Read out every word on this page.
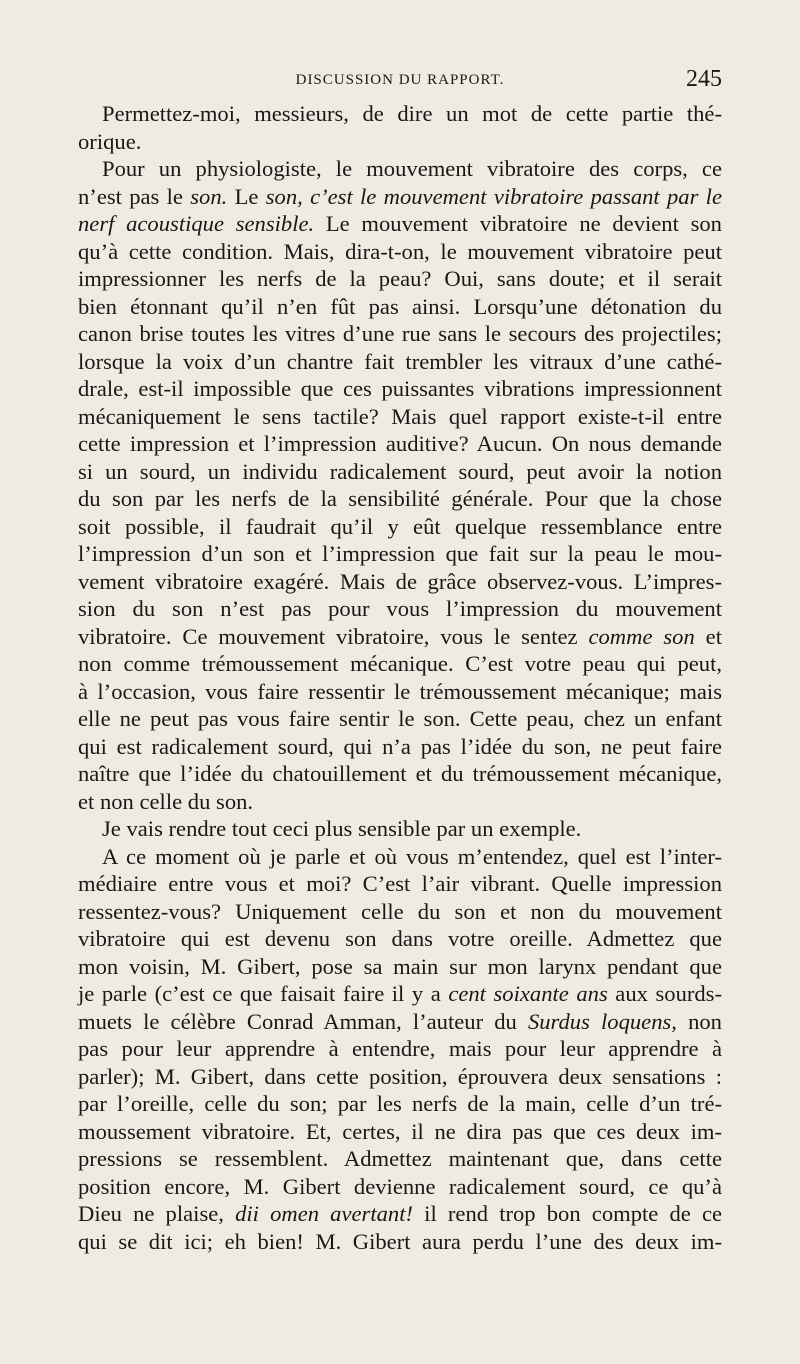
DISCUSSION DU RAPPORT.	245
Permettez-moi, messieurs, de dire un mot de cette partie thé-
orique.
Pour un physiologiste, le mouvement vibratoire des corps, ce
n’est pas le son. Le son, c’est le mouvement vibratoire passant par le
nerf acoustique sensible. Le mouvement vibratoire ne devient son
qu’à cette condition. Mais, dira-t-on, le mouvement vibratoire peut
impressionner les nerfs de la peau? Oui, sans doute; et il serait
bien étonnant qu’il n’en fût pas ainsi. Lorsqu’une détonation du
canon brise toutes les vitres d’une rue sans le secours des projectiles;
lorsque la voix d’un chantre fait trembler les vitraux d’une cathé-
drale, est-il impossible que ces puissantes vibrations impressionnent
mécaniquement le sens tactile? Mais quel rapport existe-t-il entre
cette impression et l’impression auditive? Aucun. On nous demande
si un sourd, un individu radicalement sourd, peut avoir la notion
du son par les nerfs de la sensibilité générale. Pour que la chose
soit possible, il faudrait qu’il y eût quelque ressemblance entre
l’impression d’un son et l’impression que fait sur la peau le mou-
vement vibratoire exagéré. Mais de grâce observez-vous. L’impres-
sion du son n’est pas pour vous l’impression du mouvement
vibratoire. Ce mouvement vibratoire, vous le sentez comme son et
non comme trémoussement mécanique. C’est votre peau qui peut,
à l’occasion, vous faire ressentir le trémoussement mécanique; mais
elle ne peut pas vous faire sentir le son. Cette peau, chez un enfant
qui est radicalement sourd, qui n’a pas l’idée du son, ne peut faire
naître que l’idée du chatouillement et du trémoussement mécanique,
et non celle du son.
Je vais rendre tout ceci plus sensible par un exemple.
A ce moment où je parle et où vous m’entendez, quel est l’inter-
médiaire entre vous et moi? C’est l’air vibrant. Quelle impression
ressentez-vous? Uniquement celle du son et non du mouvement
vibratoire qui est devenu son dans votre oreille. Admettez que
mon voisin, M. Gibert, pose sa main sur mon larynx pendant que
je parle (c’est ce que faisait faire il y a cent soixante ans aux sourds-
muets le célèbre Conrad Amman, l’auteur du Surdus loquens, non
pas pour leur apprendre à entendre, mais pour leur apprendre à
parler); M. Gibert, dans cette position, éprouvera deux sensations :
par l’oreille, celle du son; par les nerfs de la main, celle d’un tré-
moussement vibratoire. Et, certes, il ne dira pas que ces deux im-
pressions se ressemblent. Admettez maintenant que, dans cette
position encore, M. Gibert devienne radicalement sourd, ce qu’à
Dieu ne plaise, dii omen avertant! il rend trop bon compte de ce
qui se dit ici; eh bien! M. Gibert aura perdu l’une des deux im-
